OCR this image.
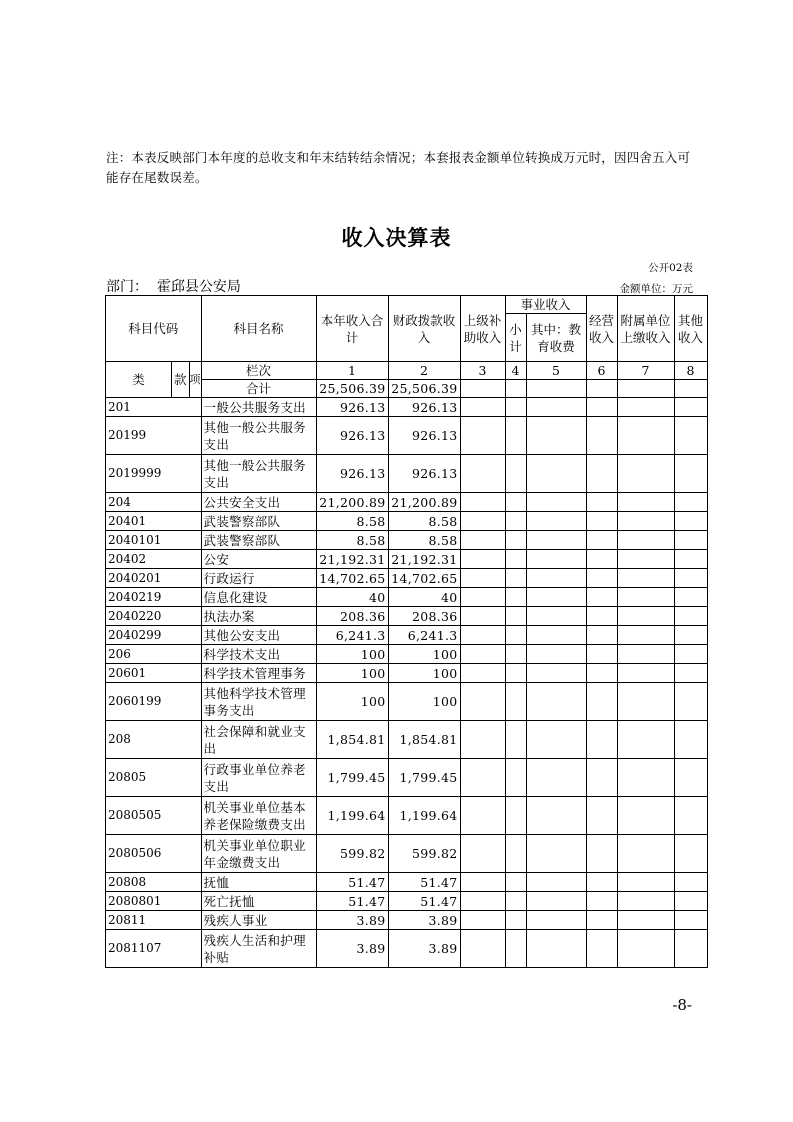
注：本表反映部门本年度的总收支和年末结转结余情况；本套报表金额单位转换成万元时，因四舍五入可能存在尾数误差。
收入决算表
公开02表
部门： 霍邱县公安局	金额单位：万元
科目代码			科目名称	本年收入合计	财政拨款收入	上级补助收入	事业收入		经营收入	附属单位上缴收入	其他收入
							小计	其中：教育收费			
类	款	项	栏次	1	2	3	4	5	6	7	8
			合计	25,506.39	25,506.39						
201			一般公共服务支出	926.13	926.13						
20199			其他一般公共服务支出	926.13	926.13						
2019999			其他一般公共服务支出	926.13	926.13						
204			公共安全支出	21,200.89	21,200.89						
20401			武装警察部队	8.58	8.58						
2040101			武装警察部队	8.58	8.58						
20402			公安	21,192.31	21,192.31						
2040201			行政运行	14,702.65	14,702.65						
2040219			信息化建设	40	40						
2040220			执法办案	208.36	208.36						
2040299			其他公安支出	6,241.3	6,241.3						
206			科学技术支出	100	100						
20601			科学技术管理事务	100	100						
2060199			其他科学技术管理事务支出	100	100						
208			社会保障和就业支出	1,854.81	1,854.81						
20805			行政事业单位养老支出	1,799.45	1,799.45						
2080505			机关事业单位基本养老保险缴费支出	1,199.64	1,199.64						
2080506			机关事业单位职业年金缴费支出	599.82	599.82						
20808			抚恤	51.47	51.47						
2080801			死亡抚恤	51.47	51.47						
20811			残疾人事业	3.89	3.89						
2081107			残疾人生活和护理补贴	3.89	3.89						
-8-
